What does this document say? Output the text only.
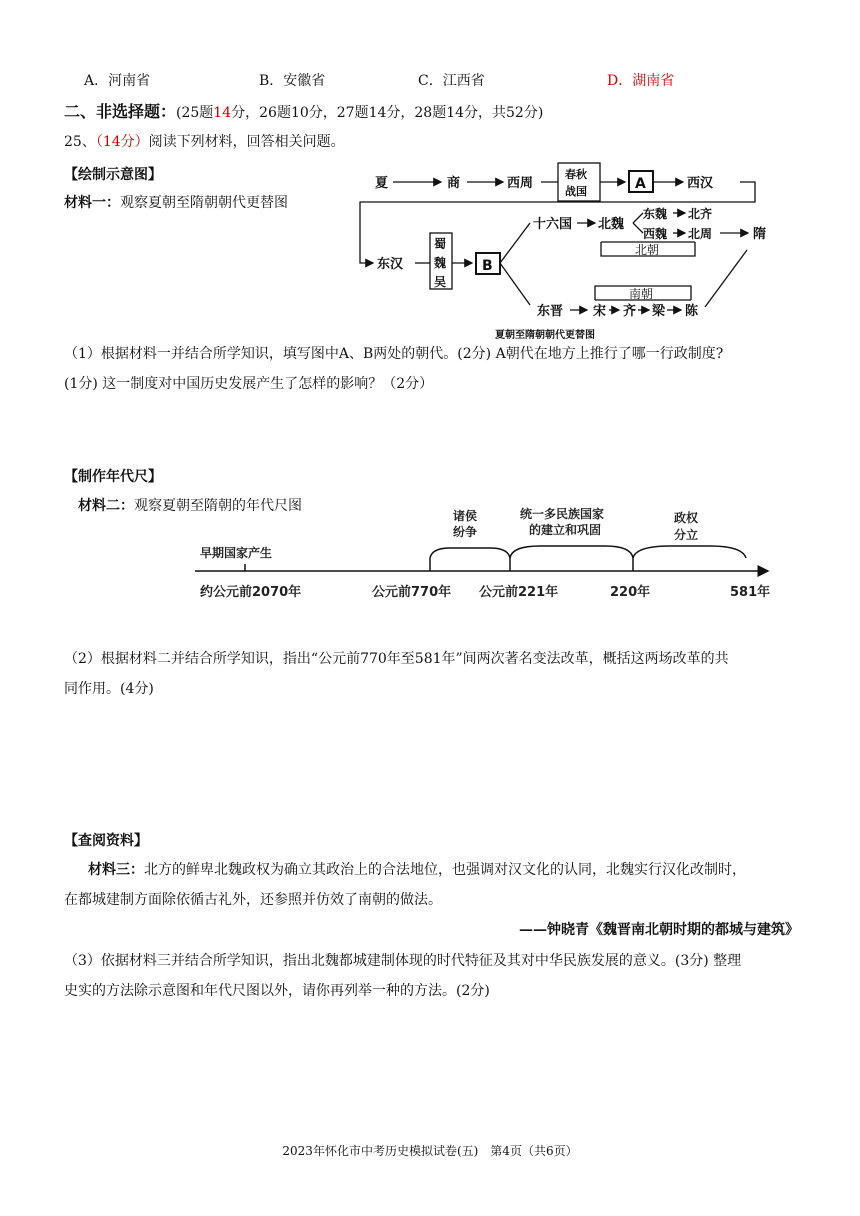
A．河南省	B．安徽省	C．江西省	D．湖南省
二、非选择题：(25题14分，26题10分，27题14分，28题14分，共52分)
25、（14分）阅读下列材料，回答相关问题。
【绘制示意图】
材料一：观察夏朝至隋朝朝代更替图
夏	商	西周
春秋
战国	A	西汉
东汉
蜀
魏
吴
B
十六国 北魏
东魏 北齐
西魏 北周
北朝
隋
南朝
东晋 宋 齐 梁 陈
夏朝至隋朝朝代更替图
（1）根据材料一并结合所学知识，填写图中A、B两处的朝代。(2分) A朝代在地方上推行了哪一行政制度?
(1分) 这一制度对中国历史发展产生了怎样的影响？（2分）
【制作年代尺】
材料二：观察夏朝至隋朝的年代尺图
早期国家产生
诸侯
纷争
统一多民族国家
的建立和巩固
政权
分立
约公元前2070年	公元前770年 公元前221年	220年	581年
（2）根据材料二并结合所学知识，指出“公元前770年至581年”间两次著名变法改革，概括这两场改革的共
同作用。(4分)
【查阅资料】
材料三：北方的鲜卑北魏政权为确立其政治上的合法地位，也强调对汉文化的认同，北魏实行汉化改制时，
在都城建制方面除依循古礼外，还参照并仿效了南朝的做法。
——钟晓青《魏晋南北朝时期的都城与建筑》
（3）依据材料三并结合所学知识，指出北魏都城建制体现的时代特征及其对中华民族发展的意义。(3分) 整理
史实的方法除示意图和年代尺图以外，请你再列举一种的方法。(2分)
2023年怀化市中考历史模拟试卷(五)　第4页（共6页）
